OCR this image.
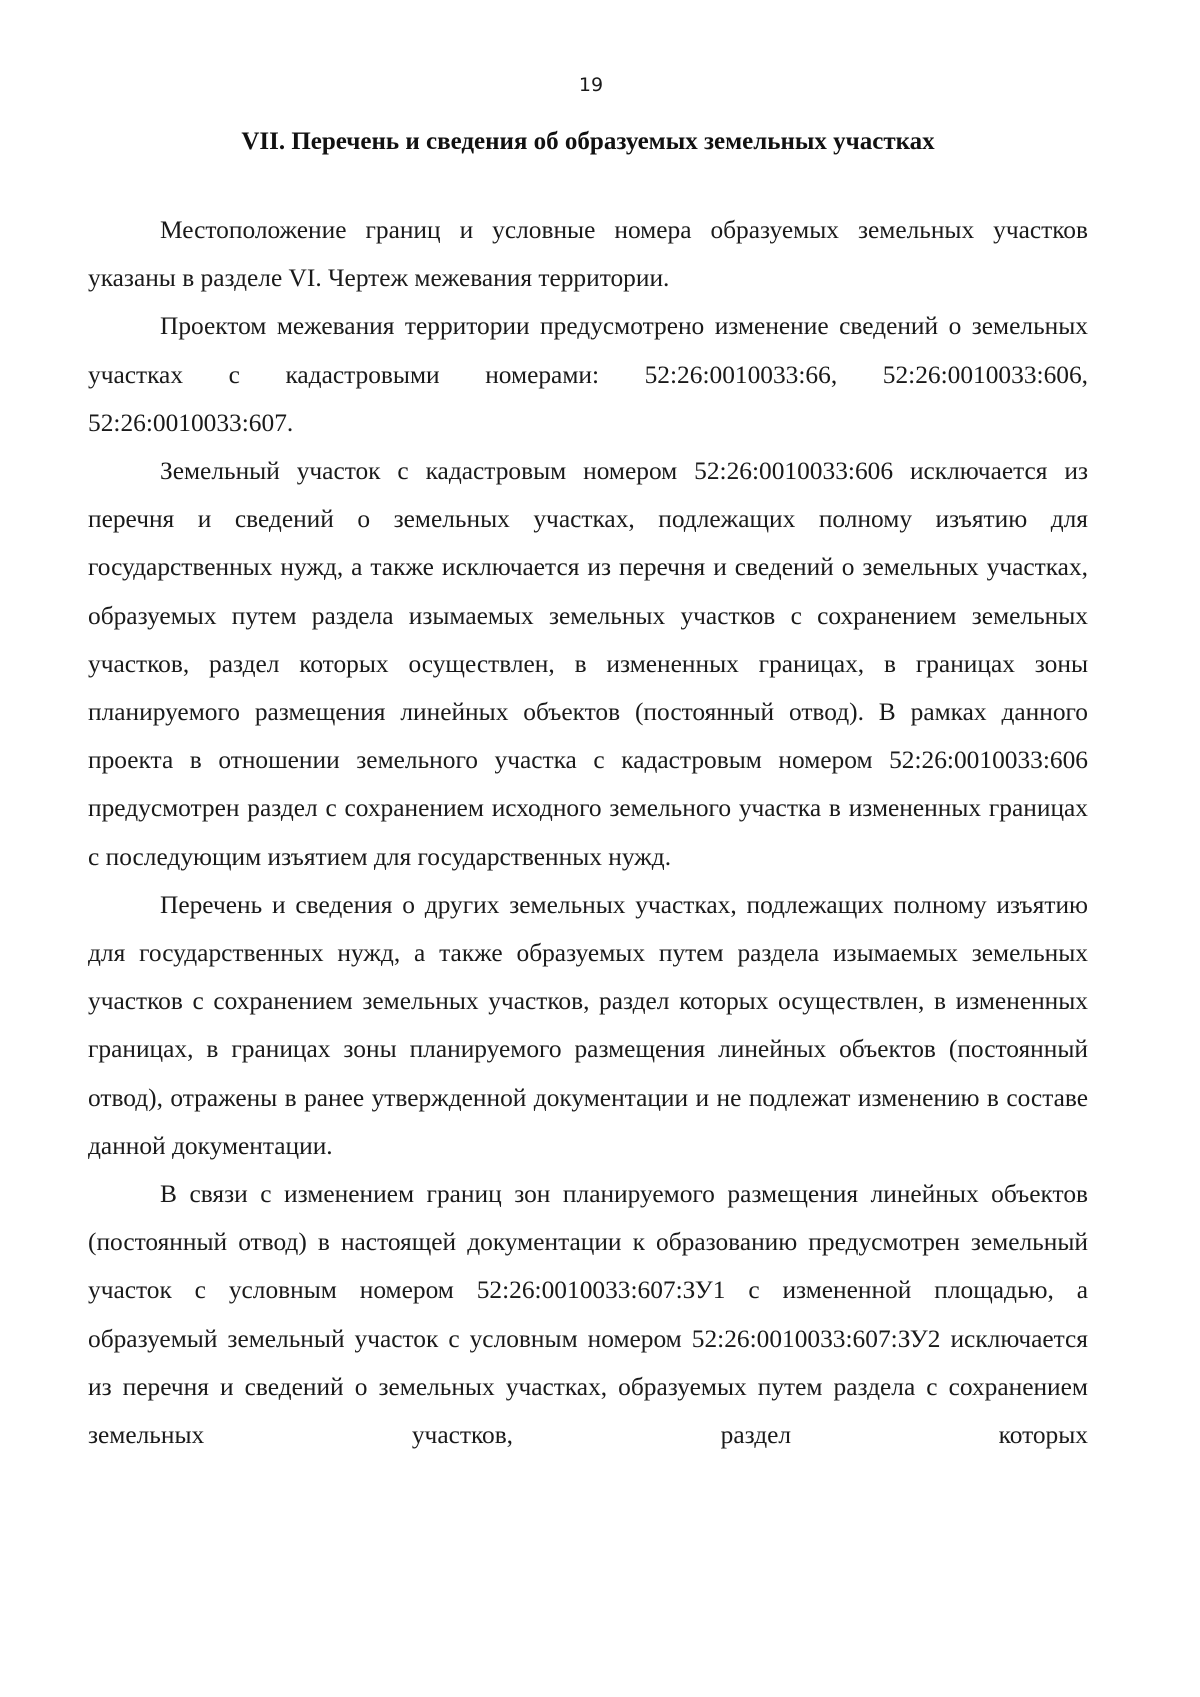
19
VII. Перечень и сведения об образуемых земельных участках

Местоположение границ и условные номера образуемых земельных участков указаны в разделе VI. Чертеж межевания территории.

Проектом межевания территории предусмотрено изменение сведений о земельных участках с кадастровыми номерами: 52:26:0010033:66, 52:26:0010033:606, 52:26:0010033:607.

Земельный участок с кадастровым номером 52:26:0010033:606 исключается из перечня и сведений о земельных участках, подлежащих полному изъятию для государственных нужд, а также исключается из перечня и сведений о земельных участках, образуемых путем раздела изымаемых земельных участков с сохранением земельных участков, раздел которых осуществлен, в измененных границах, в границах зоны планируемого размещения линейных объектов (постоянный отвод). В рамках данного проекта в отношении земельного участка с кадастровым номером 52:26:0010033:606 предусмотрен раздел с сохранением исходного земельного участка в измененных границах с последующим изъятием для государственных нужд.

Перечень и сведения о других земельных участках, подлежащих полному изъятию для государственных нужд, а также образуемых путем раздела изымаемых земельных участков с сохранением земельных участков, раздел которых осуществлен, в измененных границах, в границах зоны планируемого размещения линейных объектов (постоянный отвод), отражены в ранее утвержденной документации и не подлежат изменению в составе данной документации.

В связи с изменением границ зон планируемого размещения линейных объектов (постоянный отвод) в настоящей документации к образованию предусмотрен земельный участок с условным номером 52:26:0010033:607:ЗУ1 с измененной площадью, а образуемый земельный участок с условным номером 52:26:0010033:607:ЗУ2 исключается из перечня и сведений о земельных участках, образуемых путем раздела с сохранением земельных участков, раздел которых
